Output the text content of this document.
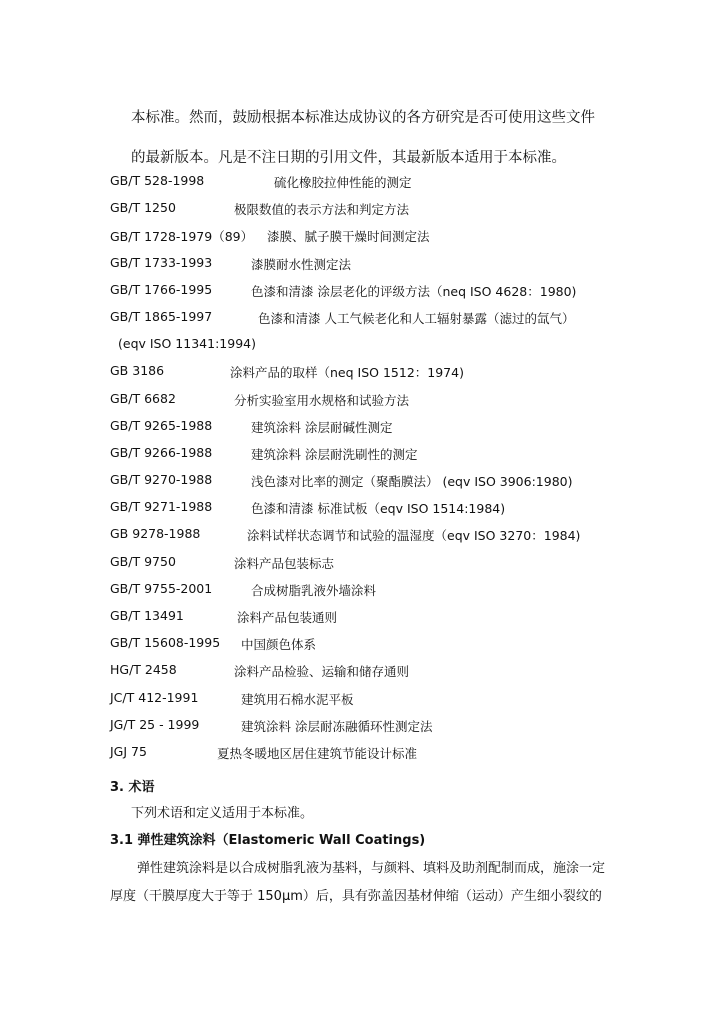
本标准。然而，鼓励根据本标准达成协议的各方研究是否可使用这些文件
的最新版本。凡是不注日期的引用文件，其最新版本适用于本标准。
GB/T 528-1998	硫化橡胶拉伸性能的测定
GB/T 1250	极限数值的表示方法和判定方法
GB/T 1728-1979（89） 漆膜、腻子膜干燥时间测定法
GB/T 1733-1993	漆膜耐水性测定法
GB/T 1766-1995	色漆和清漆 涂层老化的评级方法（neq ISO 4628：1980)
GB/T 1865-1997	色漆和清漆 人工气候老化和人工辐射暴露（滤过的氙气）
(eqv ISO 11341:1994)
GB 3186	涂料产品的取样（neq ISO 1512：1974)
GB/T 6682	分析实验室用水规格和试验方法
GB/T 9265-1988	建筑涂料 涂层耐碱性测定
GB/T 9266-1988	建筑涂料 涂层耐洗刷性的测定
GB/T 9270-1988	浅色漆对比率的测定（聚酯膜法） (eqv ISO 3906:1980)
GB/T 9271-1988	色漆和清漆 标准试板（eqv ISO 1514:1984)
GB 9278-1988	涂料试样状态调节和试验的温湿度（eqv ISO 3270：1984)
GB/T 9750	涂料产品包装标志
GB/T 9755-2001	合成树脂乳液外墙涂料
GB/T 13491	涂料产品包装通则
GB/T 15608-1995 中国颜色体系
HG/T 2458	涂料产品检验、运输和储存通则
JC/T 412-1991	建筑用石棉水泥平板
JG/T 25 - 1999	建筑涂料 涂层耐冻融循环性测定法
JGJ 75	夏热冬暖地区居住建筑节能设计标准
3. 术语
下列术语和定义适用于本标准。
3.1 弹性建筑涂料（Elastomeric Wall Coatings)
弹性建筑涂料是以合成树脂乳液为基料，与颜料、填料及助剂配制而成，施涂一定
厚度（干膜厚度大于等于 150μm）后，具有弥盖因基材伸缩（运动）产生细小裂纹的
